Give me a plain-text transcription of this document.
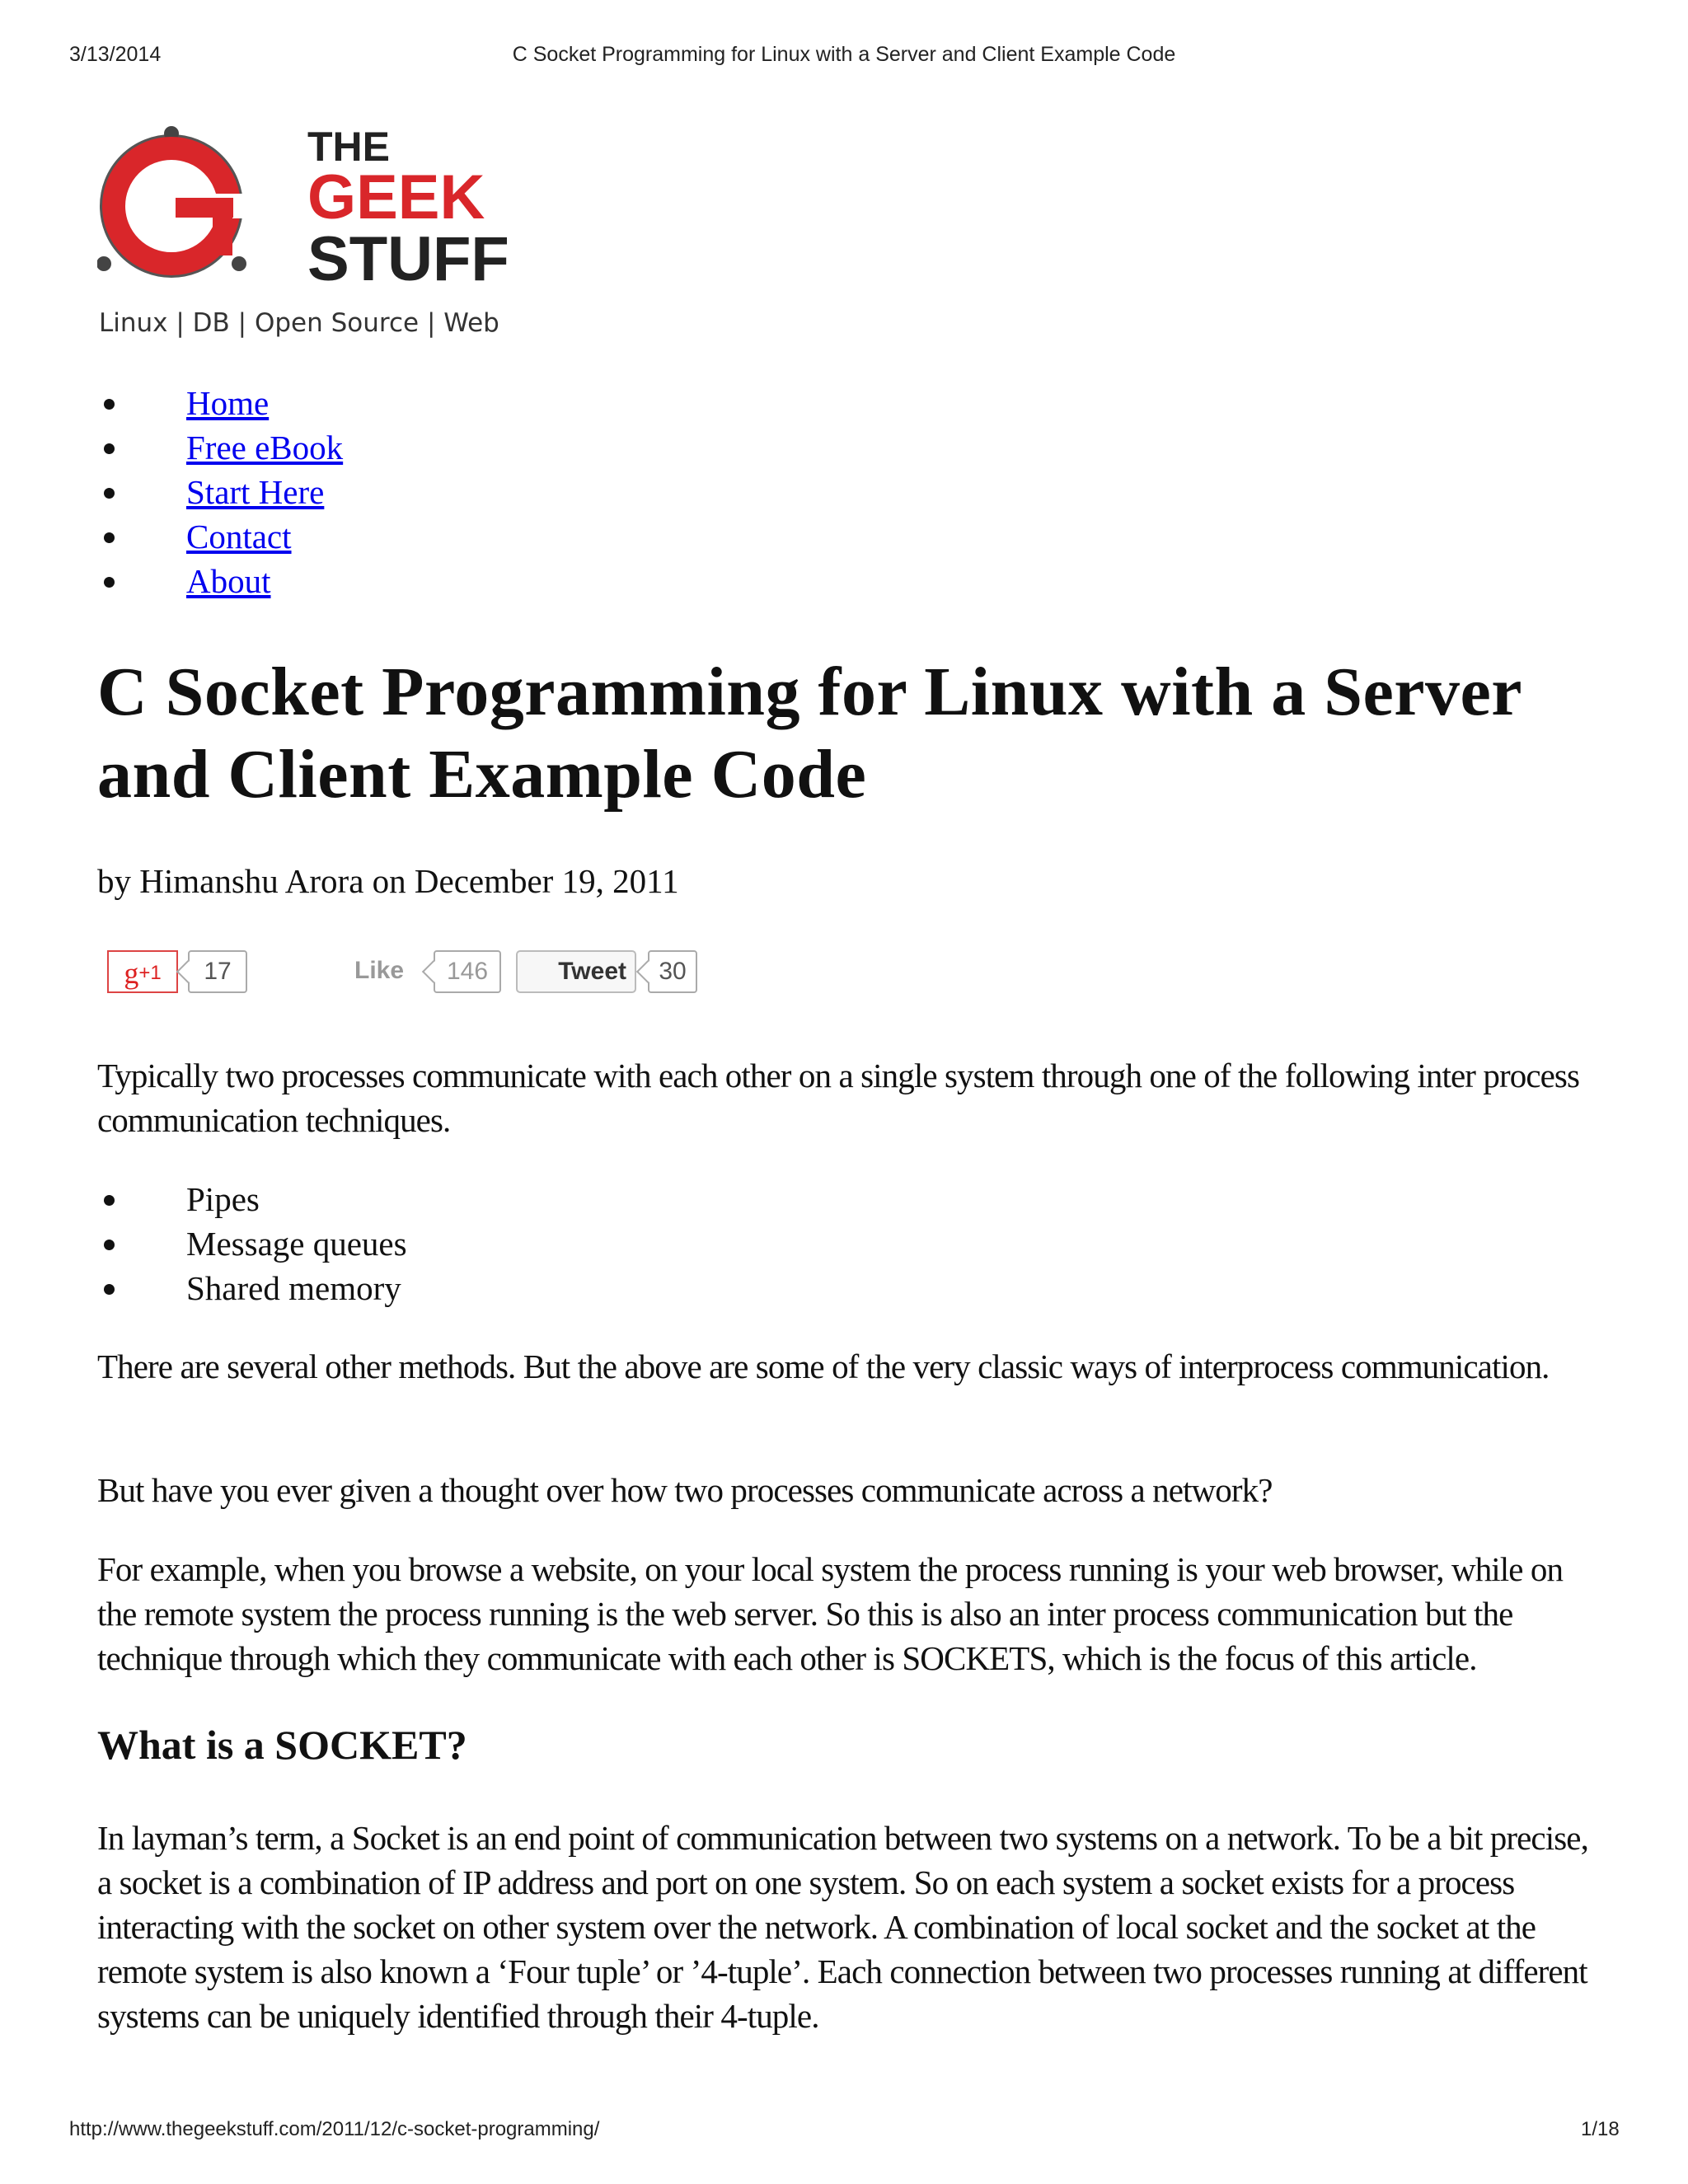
3/13/2014	C Socket Programming for Linux with a Server and Client Example Code
THE
GEEK
STUFF
Linux | DB | Open Source | Web
Home
Free eBook
Start Here
Contact
About
C Socket Programming for Linux with a Server and Client Example Code
by Himanshu Arora on December 19, 2011
$g^{+1}$	17	Like	146	Tweet	30

Typically two processes communicate with each other on a single system through one of the following inter process communication techniques.

Pipes
Message queues
Shared memory

There are several other methods. But the above are some of the very classic ways of interprocess communication.

But have you ever given a thought over how two processes communicate across a network?

For example, when you browse a website, on your local system the process running is your web browser, while on the remote system the process running is the web server. So this is also an inter process communication but the technique through which they communicate with each other is SOCKETS, which is the focus of this article.

What is a SOCKET?

In layman’s term, a Socket is an end point of communication between two systems on a network. To be a bit precise, a socket is a combination of IP address and port on one system. So on each system a socket exists for a process interacting with the socket on other system over the network. A combination of local socket and the socket at the remote system is also known a ‘Four tuple’ or ’4-tuple’. Each connection between two processes running at different systems can be uniquely identified through their 4-tuple.

http://www.thegeekstuff.com/2011/12/c-socket-programming/	1/18
